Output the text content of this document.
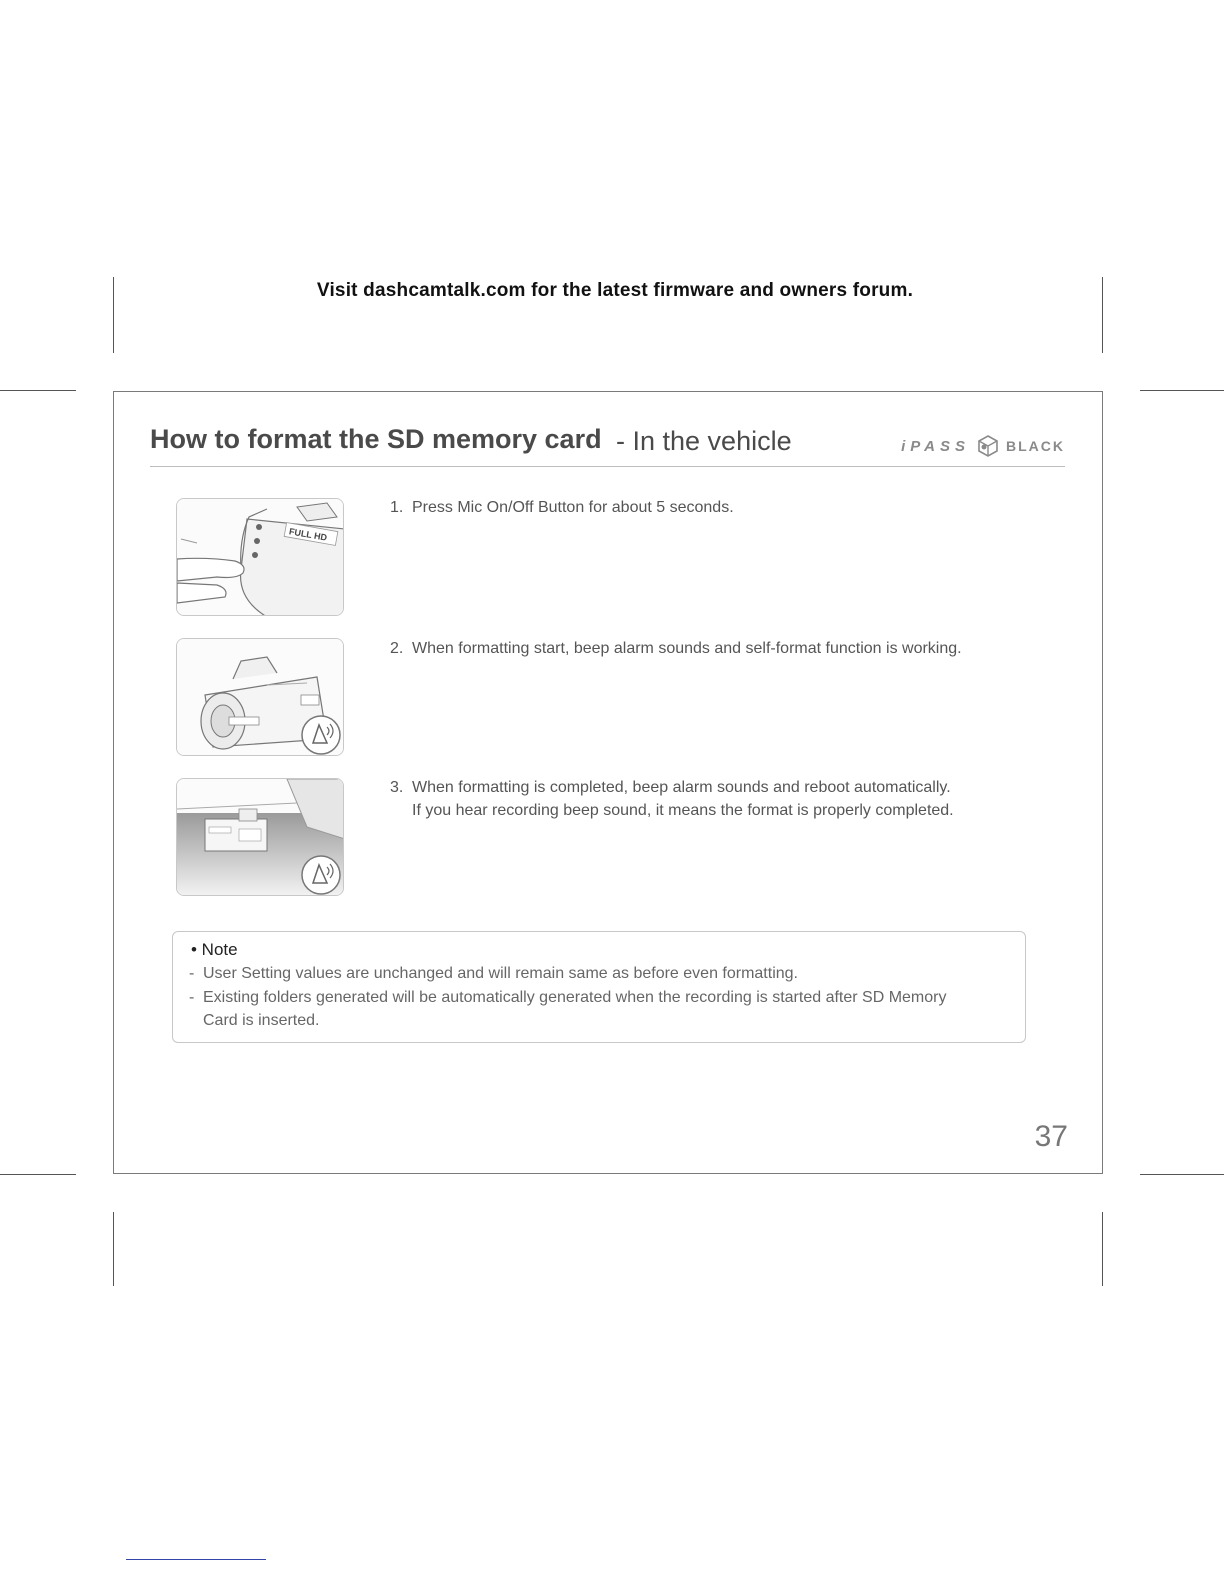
Visit dashcamtalk.com for the latest firmware and owners forum.
How to format the SD memory card - In the vehicle	iPASS	BLACK
FULL HD
1. Press Mic On/Off Button for about 5 seconds.
2. When formatting start, beep alarm sounds and self-format function is working.
3. When formatting is completed, beep alarm sounds and reboot automatically.
If you hear recording beep sound, it means the format is properly completed.
• Note
- User Setting values are unchanged and will remain same as before even formatting.
- Existing folders generated will be automatically generated when the recording is started after SD Memory
Card is inserted.
37
